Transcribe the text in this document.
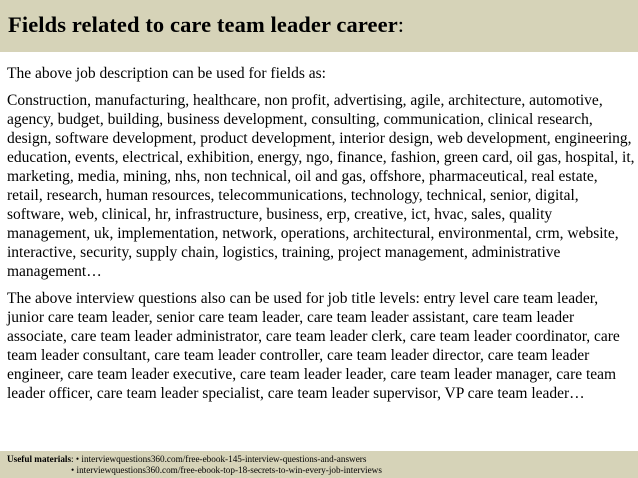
Fields related to care team leader career:

The above job description can be used for fields as:

Construction, manufacturing, healthcare, non profit, advertising, agile, architecture, automotive, agency, budget, building, business development, consulting, communication, clinical research, design, software development, product development, interior design, web development, engineering, education, events, electrical, exhibition, energy, ngo, finance, fashion, green card, oil gas, hospital, it, marketing, media, mining, nhs, non technical, oil and gas, offshore, pharmaceutical, real estate, retail, research, human resources, telecommunications, technology, technical, senior, digital, software, web, clinical, hr, infrastructure, business, erp, creative, ict, hvac, sales, quality management, uk, implementation, network, operations, architectural, environmental, crm, website, interactive, security, supply chain, logistics, training, project management, administrative management…

The above interview questions also can be used for job title levels: entry level care team leader, junior care team leader, senior care team leader, care team leader assistant, care team leader associate, care team leader administrator, care team leader clerk, care team leader coordinator, care team leader consultant, care team leader controller, care team leader director, care team leader engineer, care team leader executive, care team leader leader, care team leader manager, care team leader officer, care team leader specialist, care team leader supervisor, VP care team leader…

Useful materials: • interviewquestions360.com/free-ebook-145-interview-questions-and-answers
• interviewquestions360.com/free-ebook-top-18-secrets-to-win-every-job-interviews
